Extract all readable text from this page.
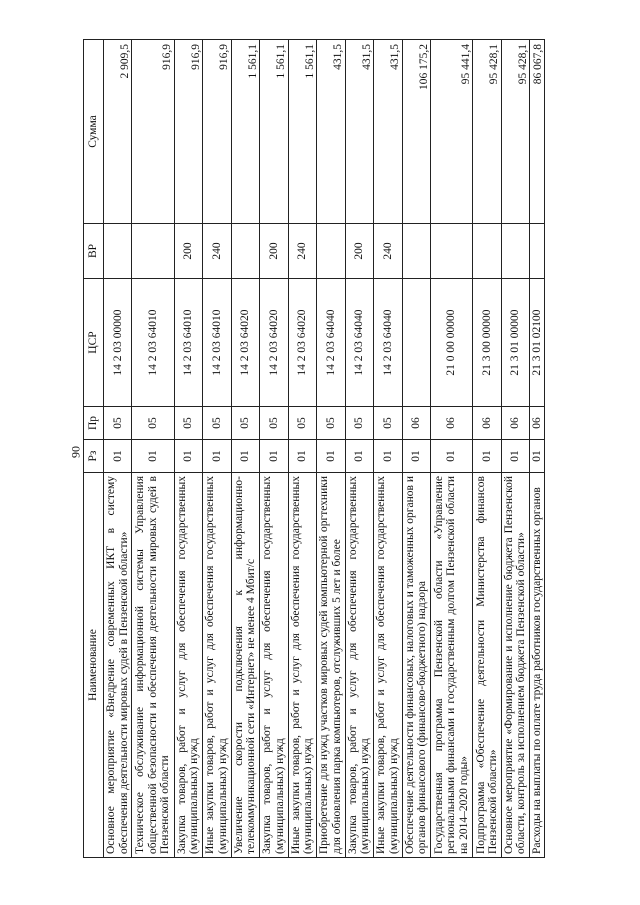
90
Наименование	Рз	Пр	ЦСР	ВР	Сумма
Основное мероприятие «Внедрение современных ИКТ в систему обеспечения деятельности мировых судей в Пензенской области»	01	05	14 2 03 00000		2 909,5
Техническое обслуживание информационной системы Управления общественной безопасности и обеспечения деятельности мировых судей в Пензенской области	01	05	14 2 03 64010		916,9
Закупка товаров, работ и услуг для обеспечения государственных (муниципальных) нужд	01	05	14 2 03 64010	200	916,9
Иные закупки товаров, работ и услуг для обеспечения государственных (муниципальных) нужд	01	05	14 2 03 64010	240	916,9
Увеличение скорости подключения к информационно-телекоммуникационной сети «Интернет» не менее 4 Мбит/с	01	05	14 2 03 64020		1 561,1
Закупка товаров, работ и услуг для обеспечения государственных (муниципальных) нужд	01	05	14 2 03 64020	200	1 561,1
Иные закупки товаров, работ и услуг для обеспечения государственных (муниципальных) нужд	01	05	14 2 03 64020	240	1 561,1
Приобретение для нужд участков мировых судей компьютерной оргтехники для обновления парка компьютеров, отслуживших 5 лет и более	01	05	14 2 03 64040		431,5
Закупка товаров, работ и услуг для обеспечения государственных (муниципальных) нужд	01	05	14 2 03 64040	200	431,5
Иные закупки товаров, работ и услуг для обеспечения государственных (муниципальных) нужд	01	05	14 2 03 64040	240	431,5
Обеспечение деятельности финансовых, налоговых и таможенных органов и органов финансового (финансово-бюджетного) надзора	01	06			106 175,2
Государственная программа Пензенской области «Управление региональными финансами и государственным долгом Пензенской области на 2014–2020 годы»	01	06	21 0 00 00000		95 441,4
Подпрограмма «Обеспечение деятельности Министерства финансов Пензенской области»	01	06	21 3 00 00000		95 428,1
Основное мероприятие «Формирование и исполнение бюджета Пензенской области, контроль за исполнением бюджета Пензенской области»	01	06	21 3 01 00000		95 428,1
Расходы на выплаты по оплате труда работников государственных органов	01	06	21 3 01 02100		86 067,8
